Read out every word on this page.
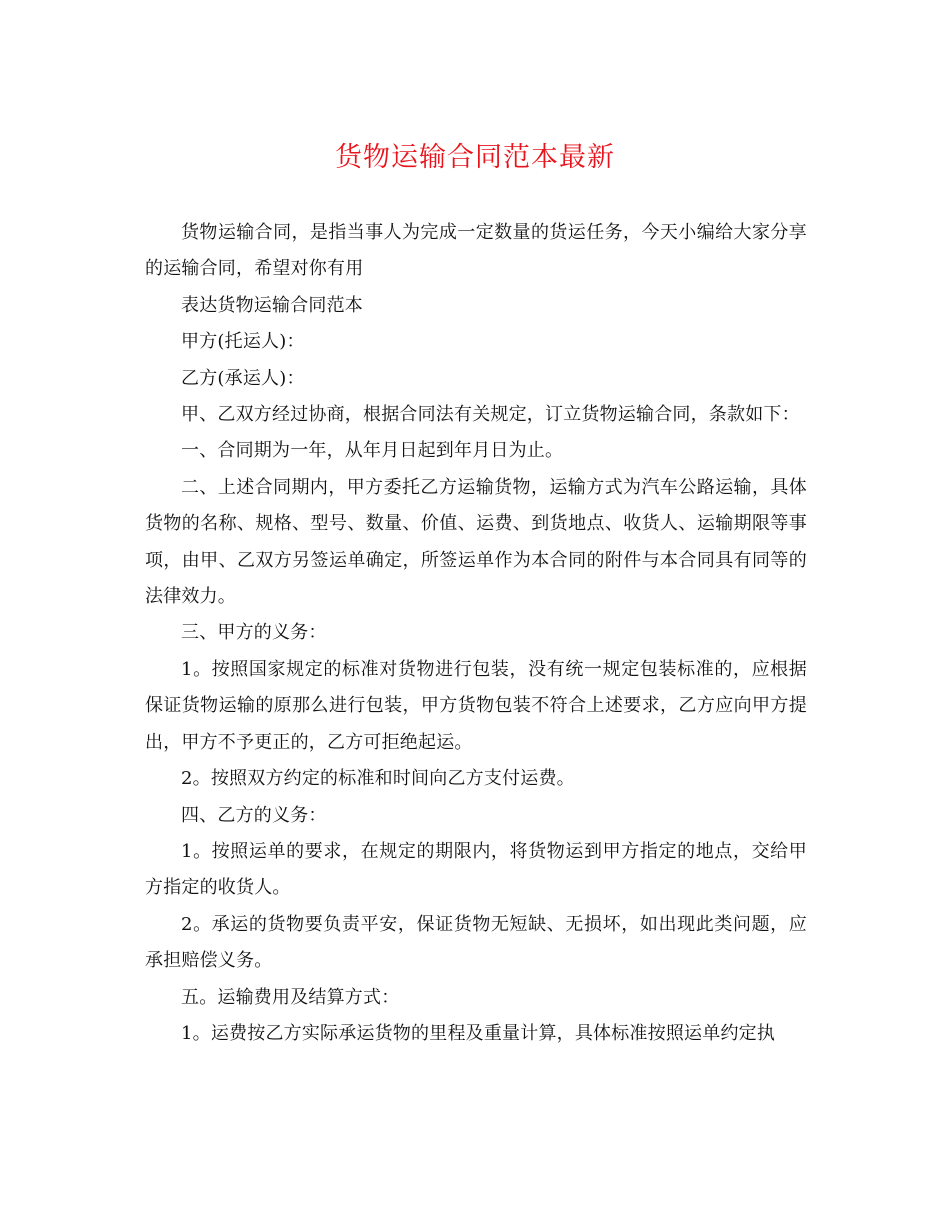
货物运输合同范本最新

货物运输合同，是指当事人为完成一定数量的货运任务，今天小编给大家分享的运输合同，希望对你有用

表达货物运输合同范本

甲方(托运人)：

乙方(承运人)：

甲、乙双方经过协商，根据合同法有关规定，订立货物运输合同，条款如下：

一、合同期为一年，从年月日起到年月日为止。

二、上述合同期内，甲方委托乙方运输货物，运输方式为汽车公路运输，具体货物的名称、规格、型号、数量、价值、运费、到货地点、收货人、运输期限等事项，由甲、乙双方另签运单确定，所签运单作为本合同的附件与本合同具有同等的法律效力。

三、甲方的义务：

1。按照国家规定的标准对货物进行包装，没有统一规定包装标准的，应根据保证货物运输的原那么进行包装，甲方货物包装不符合上述要求，乙方应向甲方提出，甲方不予更正的，乙方可拒绝起运。

2。按照双方约定的标准和时间向乙方支付运费。

四、乙方的义务：

1。按照运单的要求，在规定的期限内，将货物运到甲方指定的地点，交给甲方指定的收货人。

2。承运的货物要负责平安，保证货物无短缺、无损坏，如出现此类问题，应承担赔偿义务。

五。运输费用及结算方式：

1。运费按乙方实际承运货物的里程及重量计算，具体标准按照运单约定执
